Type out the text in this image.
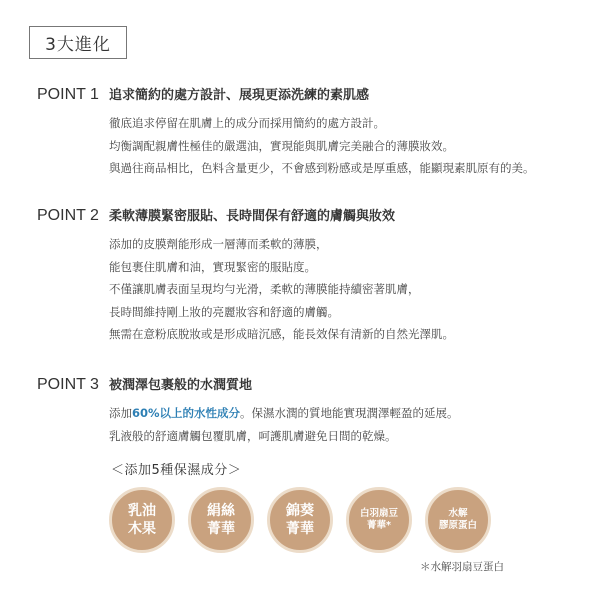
3大進化
POINT 1 追求簡約的處方設計、展現更添洗練的素肌感
徹底追求停留在肌膚上的成分而採用簡約的處方設計。
均衡調配親膚性極佳的嚴選油，實現能與肌膚完美融合的薄膜妝效。
與過往商品相比，色料含量更少，不會感到粉感或是厚重感，能顯現素肌原有的美。
POINT 2 柔軟薄膜緊密服貼、長時間保有舒適的膚觸與妝效
添加的皮膜劑能形成一層薄而柔軟的薄膜，
能包裹住肌膚和油，實現緊密的服貼度。
不僅讓肌膚表面呈現均勻光滑，柔軟的薄膜能持續密著肌膚，
長時間維持剛上妝的亮麗妝容和舒適的膚觸。
無需在意粉底脫妝或是形成暗沉感，能長效保有清新的自然光澤肌。
POINT 3 被潤澤包裹般的水潤質地
添加60%以上的水性成分。保濕水潤的質地能實現潤澤輕盈的延展。
乳液般的舒適膚觸包覆肌膚，呵護肌膚避免日間的乾燥。
＜添加5種保濕成分＞
乳油
木果
絹絲
菁華
錦葵
菁華
白羽扇豆
菁華*
水解
膠原蛋白
＊水解羽扇豆蛋白
